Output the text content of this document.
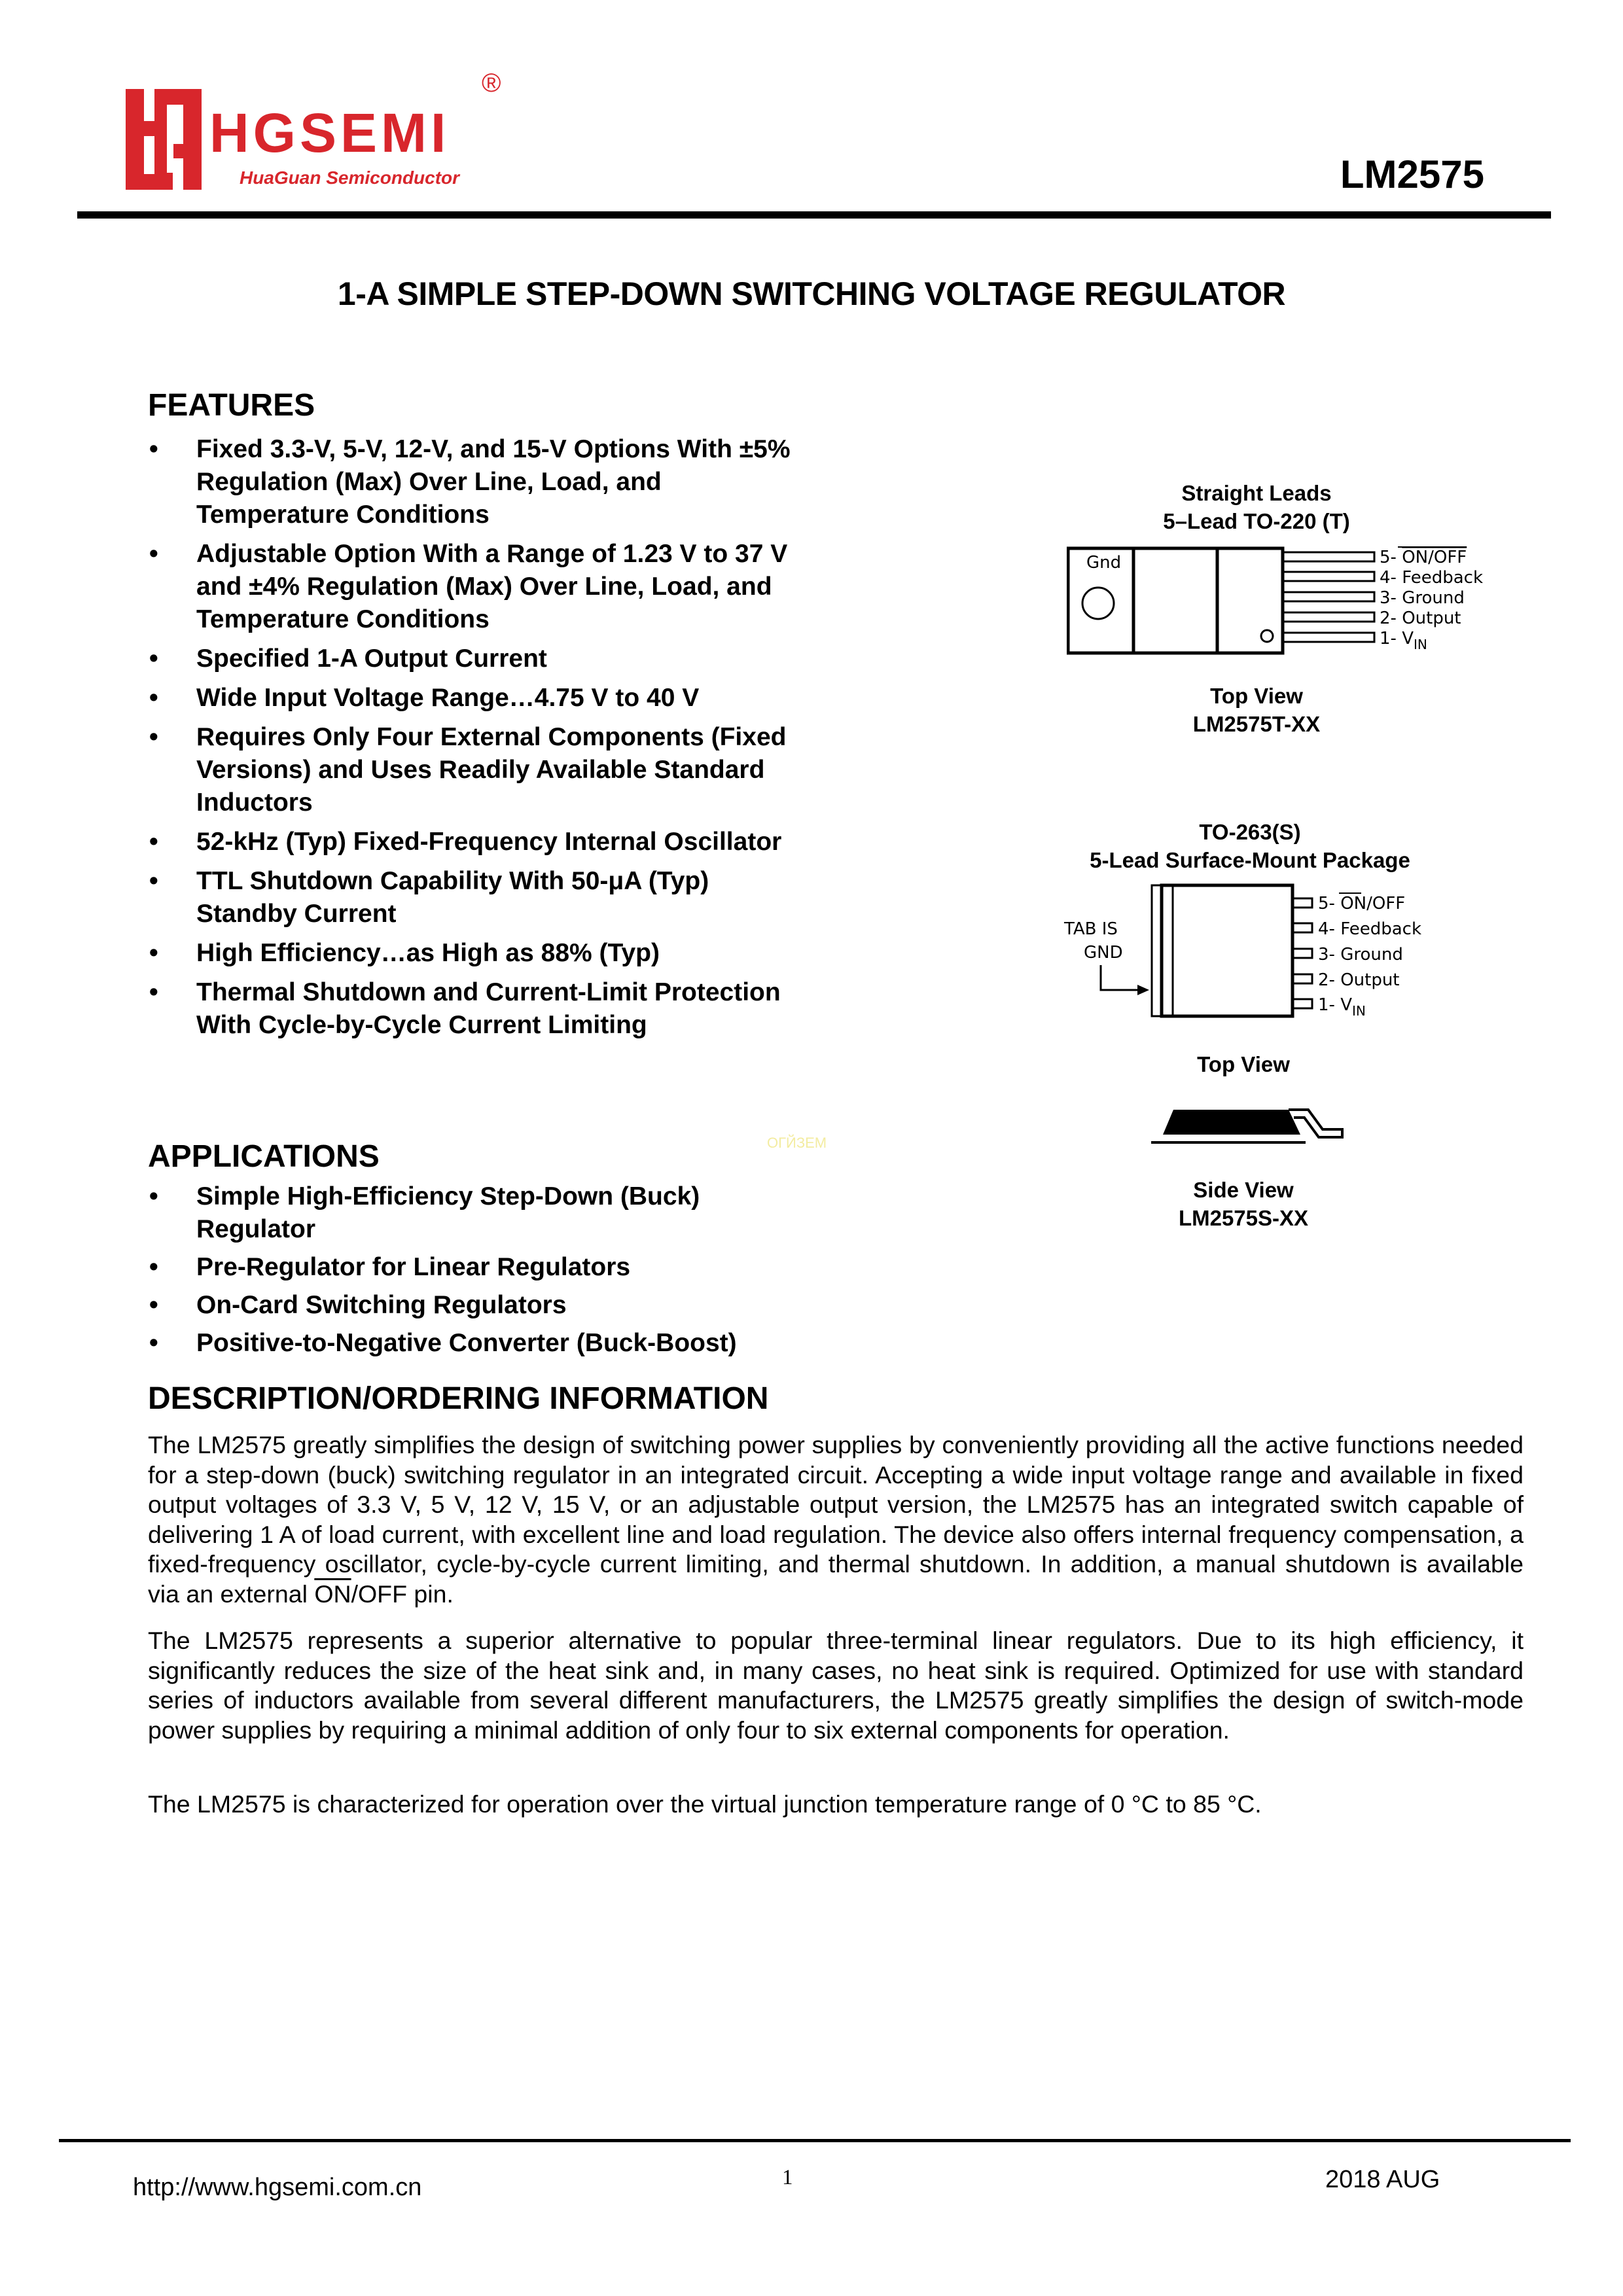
HGSEMI
®
HuaGuan Semiconductor	LM2575
1-A SIMPLE STEP-DOWN SWITCHING VOLTAGE REGULATOR
FEATURES
• Fixed 3.3-V, 5-V, 12-V, and 15-V Options With ±5% Regulation (Max) Over Line, Load, and Temperature Conditions
• Adjustable Option With a Range of 1.23 V to 37 V and ±4% Regulation (Max) Over Line, Load, and Temperature Conditions
• Specified 1-A Output Current
• Wide Input Voltage Range…4.75 V to 40 V
• Requires Only Four External Components (Fixed Versions) and Uses Readily Available Standard Inductors
• 52-kHz (Typ) Fixed-Frequency Internal Oscillator
• TTL Shutdown Capability With 50-μA (Typ) Standby Current
• High Efficiency…as High as 88% (Typ)
• Thermal Shutdown and Current-Limit Protection With Cycle-by-Cycle Current Limiting
APPLICATIONS
• Simple High-Efficiency Step-Down (Buck) Regulator
• Pre-Regulator for Linear Regulators
• On-Card Switching Regulators
• Positive-to-Negative Converter (Buck-Boost)
ОГЙЗЕМ
Straight Leads
5–Lead TO-220 (T)
Gnd	5- ON/OFF
4- Feedback
3- Ground
2- Output
1- $V_{IN}$
Top View
LM2575T-XX
TO-263(S)
5-Lead Surface-Mount Package
TAB IS
GND
5- ON/OFF
4- Feedback
3- Ground
2- Output
1- $V_{IN}$
Top View
Side View
LM2575S-XX
DESCRIPTION/ORDERING INFORMATION

The LM2575 greatly simplifies the design of switching power supplies by conveniently providing all the active functions needed for a step-down (buck) switching regulator in an integrated circuit. Accepting a wide input voltage range and available in fixed output voltages of 3.3 V, 5 V, 12 V, 15 V, or an adjustable output version, the LM2575 has an integrated switch capable of delivering 1 A of load current, with excellent line and load regulation. The device also offers internal frequency compensation, a fixed-frequency oscillator, cycle-by-cycle current limiting, and thermal shutdown. In addition, a manual shutdown is available via an external $\overline{ON}$/OFF pin.

The LM2575 represents a superior alternative to popular three-terminal linear regulators. Due to its high efficiency, it significantly reduces the size of the heat sink and, in many cases, no heat sink is required. Optimized for use with standard series of inductors available from several different manufacturers, the LM2575 greatly simplifies the design of switch-mode power supplies by requiring a minimal addition of only four to six external components for operation.

The LM2575 is characterized for operation over the virtual junction temperature range of 0 °C to 85 °C.

http://www.hgsemi.com.cn	1	2018 AUG
